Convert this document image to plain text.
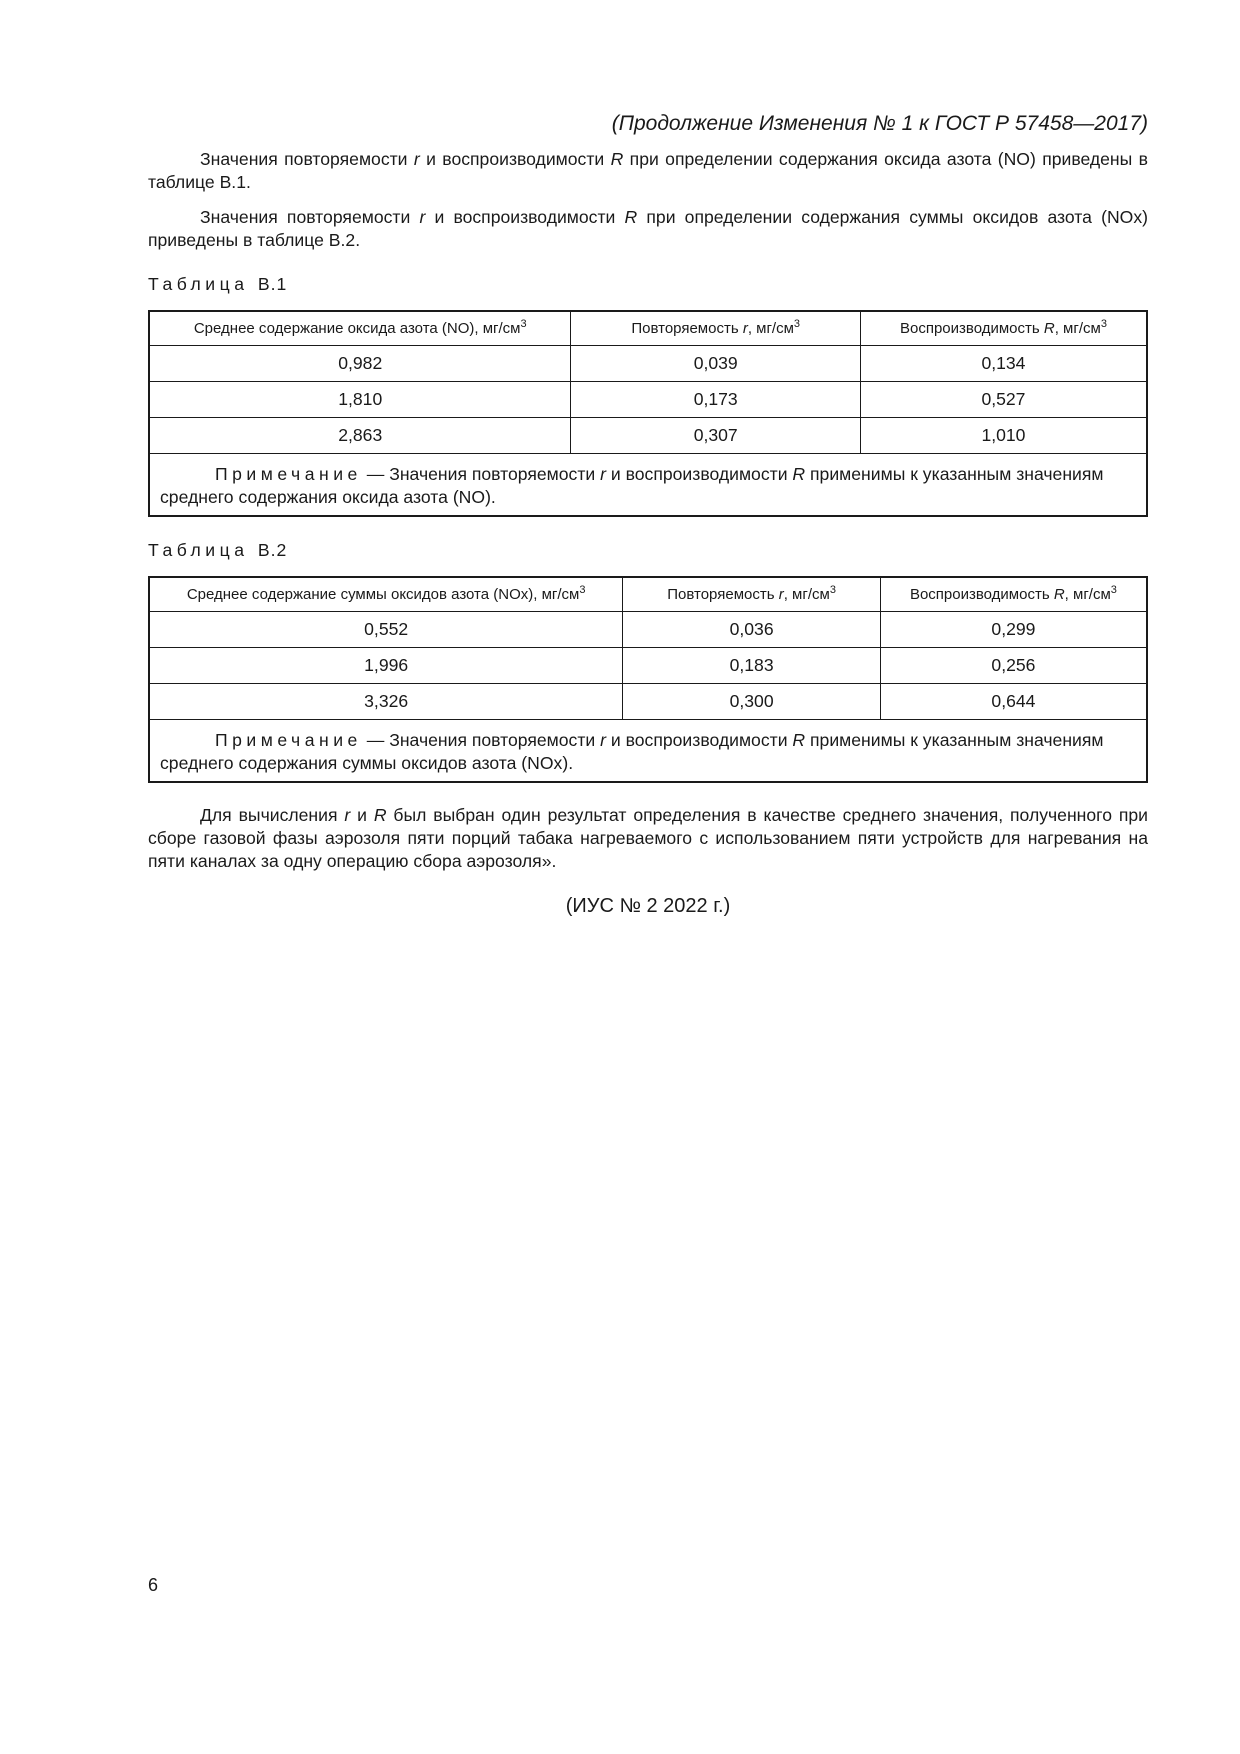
(Продолжение Изменения № 1 к ГОСТ Р 57458—2017)

Значения повторяемости r и воспроизводимости R при определении содержания оксида азота (NO) приведены в таблице В.1.

Значения повторяемости r и воспроизводимости R при определении содержания суммы оксидов азота (NOx) приведены в таблице В.2.

Таблица В.1
Среднее содержание оксида азота (NO), $мг/см^3$	Повторяемость r, $мг/см^3$	Воспроизводимость R, $мг/см^3$
0,982	0,039	0,134
1,810	0,173	0,527
2,863	0,307	1,010
Примечание — Значения повторяемости r и воспроизводимости R применимы к указанным значениям среднего содержания оксида азота (NO).		
Таблица В.2
Среднее содержание суммы оксидов азота (NOx), $мг/см^3$	Повторяемость r, $мг/см^3$	Воспроизводимость R, $мг/см^3$
0,552	0,036	0,299
1,996	0,183	0,256
3,326	0,300	0,644
Примечание — Значения повторяемости r и воспроизводимости R применимы к указанным значениям среднего содержания суммы оксидов азота (NOx).		

Для вычисления r и R был выбран один результат определения в качестве среднего значения, полученного при сборе газовой фазы аэрозоля пяти порций табака нагреваемого с использованием пяти устройств для нагревания на пяти каналах за одну операцию сбора аэрозоля».

(ИУС № 2 2022 г.)
6
